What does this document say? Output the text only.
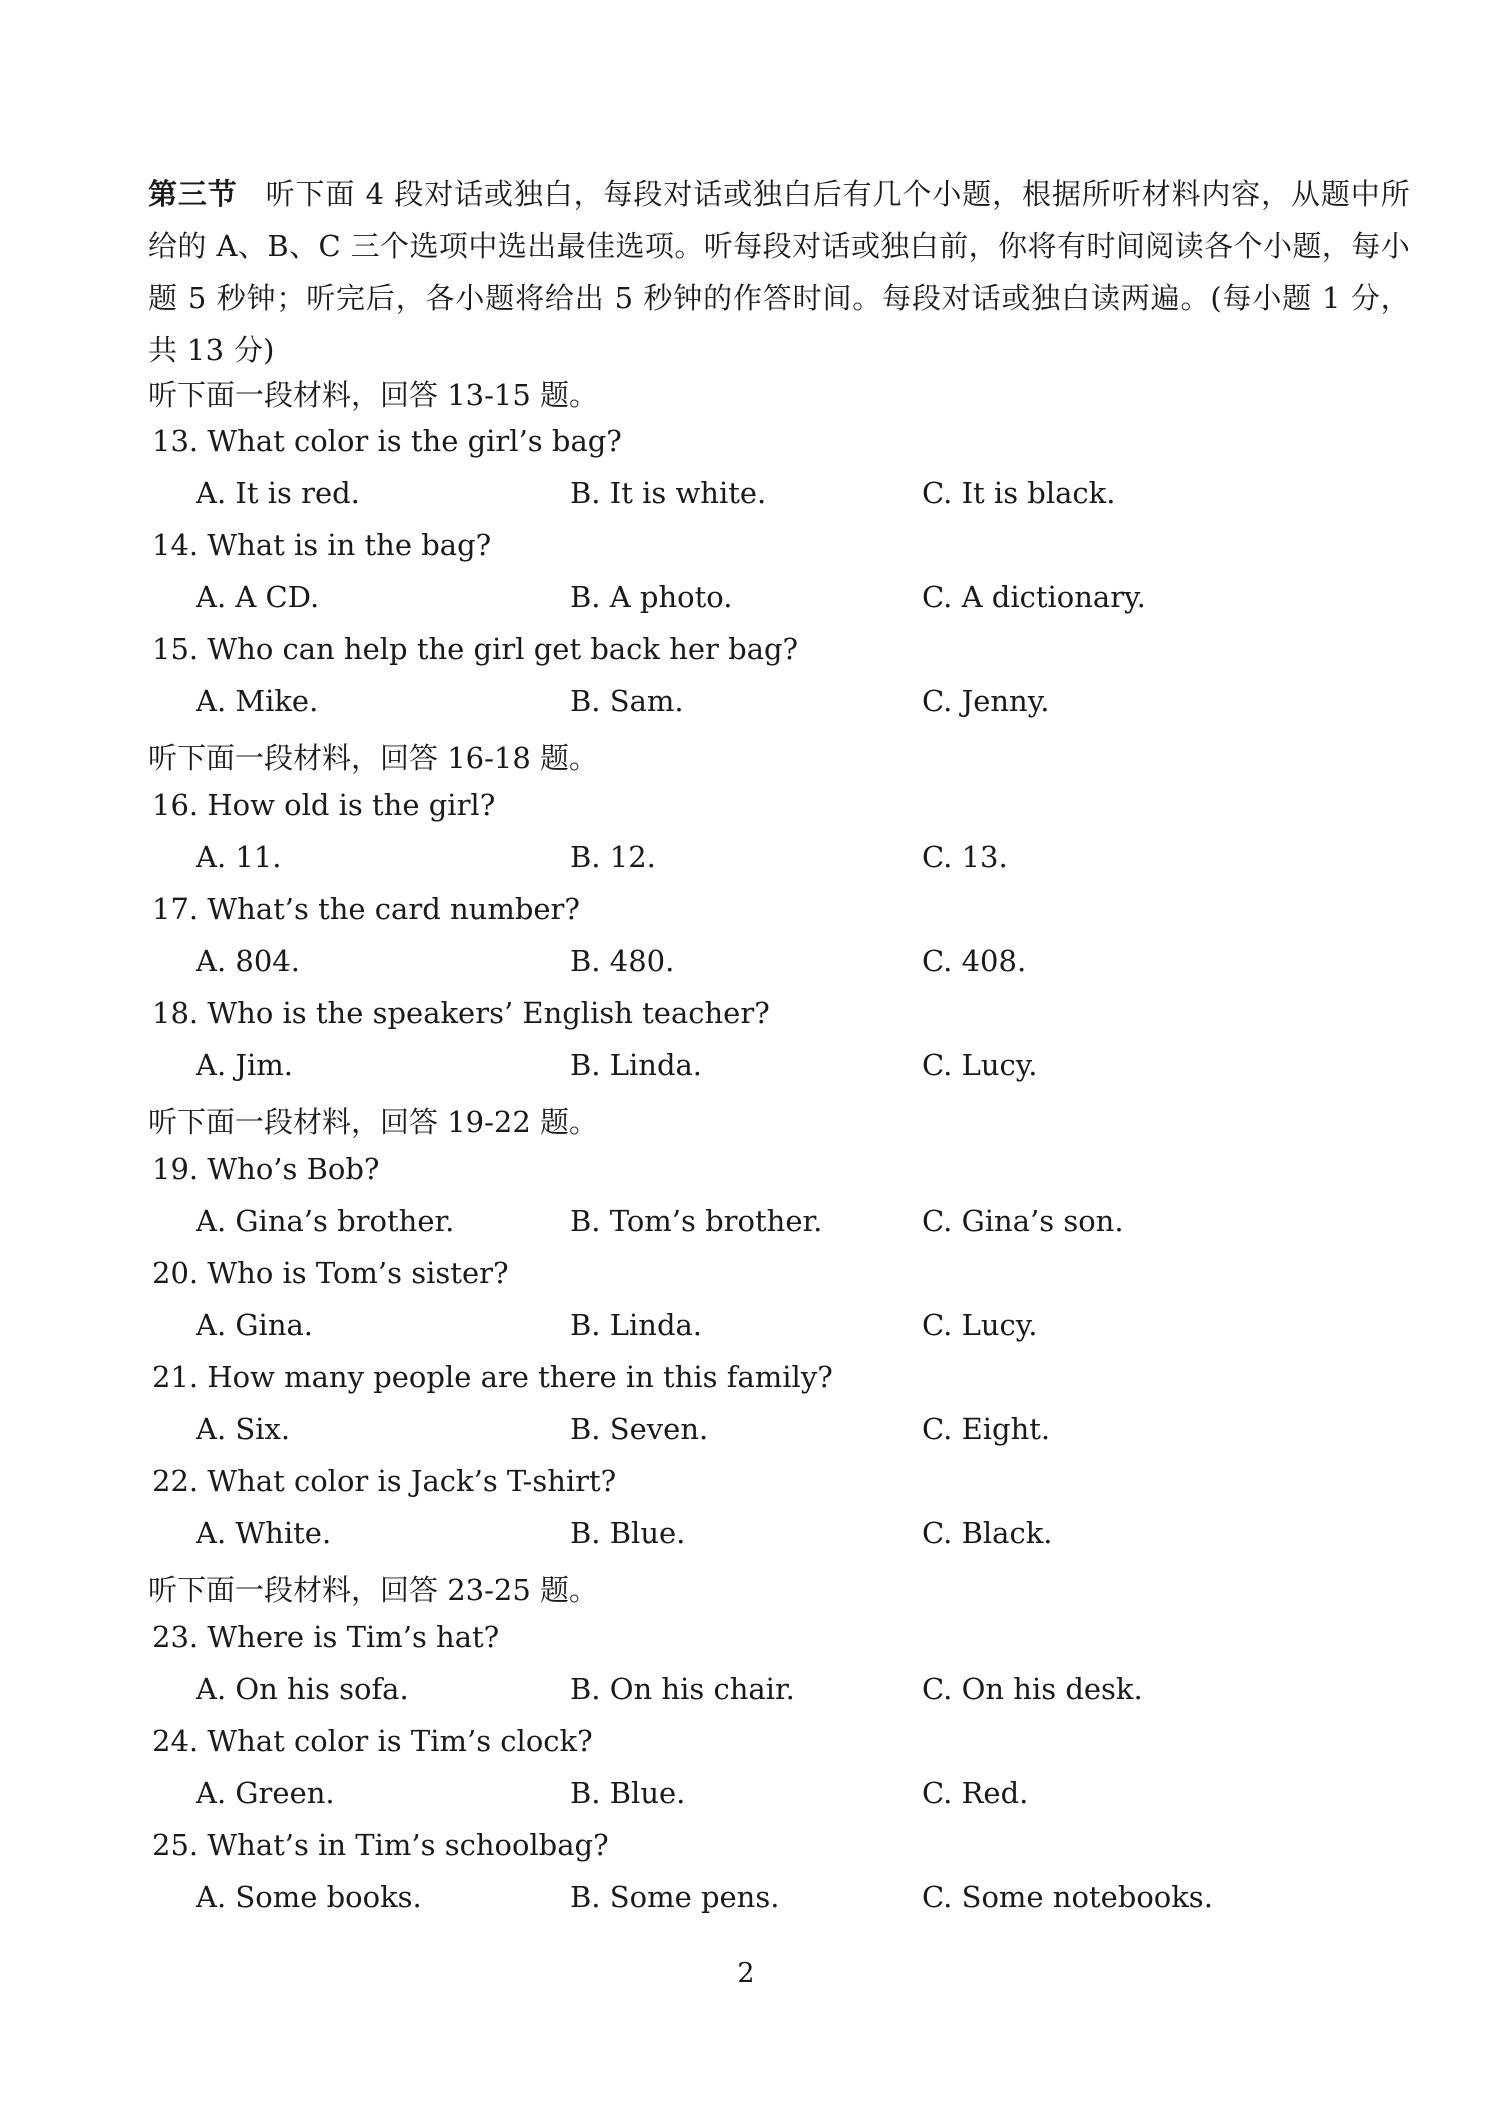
第三节 听下面 4 段对话或独白，每段对话或独白后有几个小题，根据所听材料内容，从题中所给的 A、B、C 三个选项中选出最佳选项。听每段对话或独白前，你将有时间阅读各个小题，每小题 5 秒钟；听完后，各小题将给出 5 秒钟的作答时间。每段对话或独白读两遍。(每小题 1 分，共 13 分)
听下面一段材料，回答 13-15 题。
13. What color is the girl’s bag?
A. It is red.	B. It is white.	C. It is black.
14. What is in the bag?
A. A CD.	B. A photo.	C. A dictionary.
15. Who can help the girl get back her bag?
A. Mike.	B. Sam.	C. Jenny.
听下面一段材料，回答 16-18 题。
16. How old is the girl?
A. 11.	B. 12.	C. 13.
17. What’s the card number?
A. 804.	B. 480.	C. 408.
18. Who is the speakers’ English teacher?
A. Jim.	B. Linda.	C. Lucy.
听下面一段材料，回答 19-22 题。
19. Who’s Bob?
A. Gina’s brother.	B. Tom’s brother.	C. Gina’s son.
20. Who is Tom’s sister?
A. Gina.	B. Linda.	C. Lucy.
21. How many people are there in this family?
A. Six.	B. Seven.	C. Eight.
22. What color is Jack’s T-shirt?
A. White.	B. Blue.	C. Black.
听下面一段材料，回答 23-25 题。
23. Where is Tim’s hat?
A. On his sofa.	B. On his chair.	C. On his desk.
24. What color is Tim’s clock?
A. Green.	B. Blue.	C. Red.
25. What’s in Tim’s schoolbag?
A. Some books.	B. Some pens.	C. Some notebooks.
2
